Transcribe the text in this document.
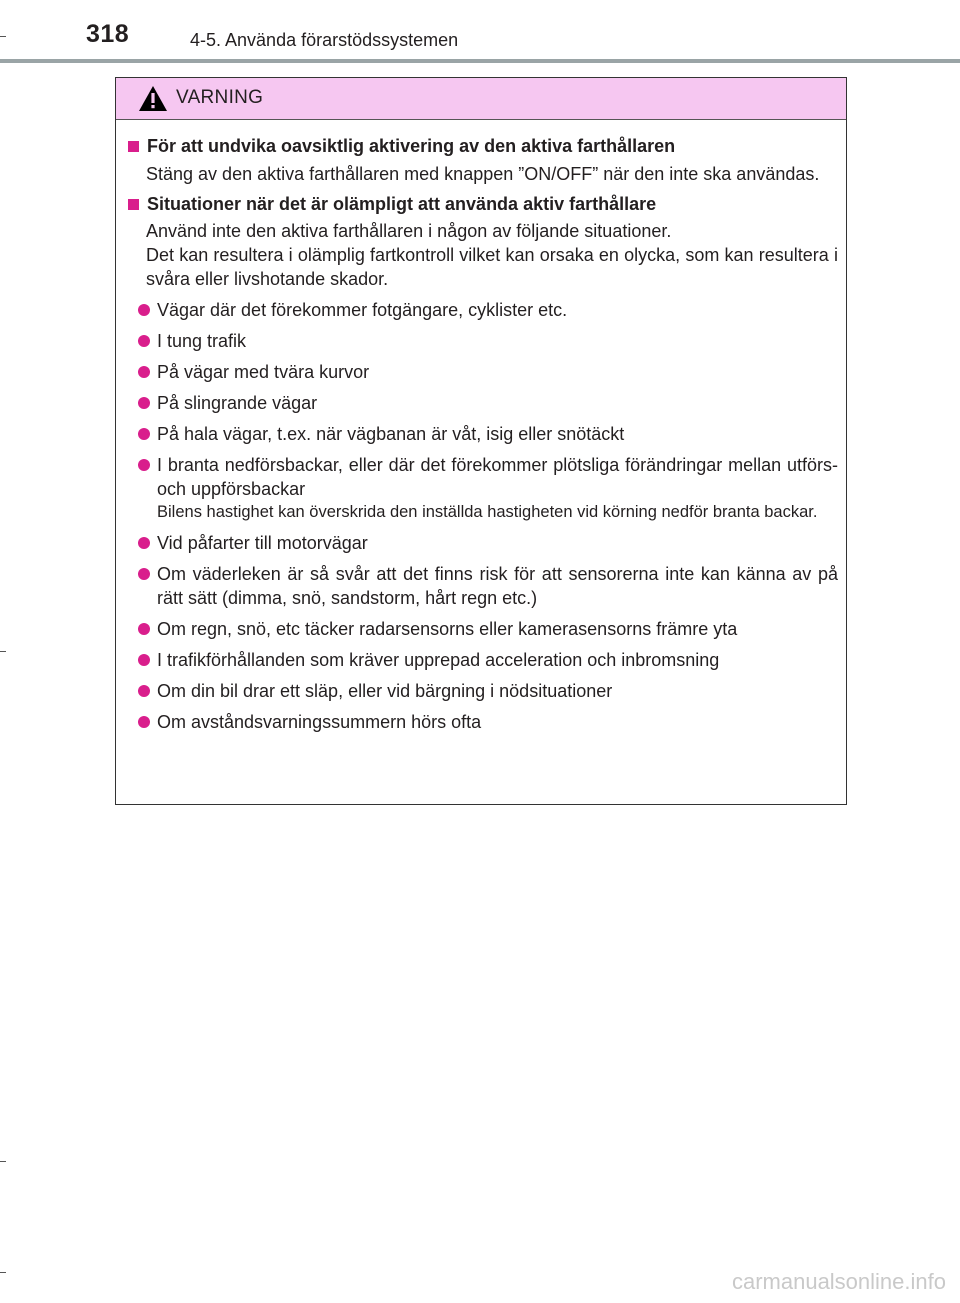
318	4-5. Använda förarstödssystemen
VARNING
För att undvika oavsiktlig aktivering av den aktiva farthållaren
Stäng av den aktiva farthållaren med knappen ”ON/OFF” när den inte ska användas.
Situationer när det är olämpligt att använda aktiv farthållare
Använd inte den aktiva farthållaren i någon av följande situationer.
Det kan resultera i olämplig fartkontroll vilket kan orsaka en olycka, som kan resultera i svåra eller livshotande skador.
Vägar där det förekommer fotgängare, cyklister etc.
I tung trafik
På vägar med tvära kurvor
På slingrande vägar
På hala vägar, t.ex. när vägbanan är våt, isig eller snötäckt
I branta nedförsbackar, eller där det förekommer plötsliga förändringar mellan utförs- och uppförsbackar
Bilens hastighet kan överskrida den inställda hastigheten vid körning nedför branta backar.
Vid påfarter till motorvägar
Om väderleken är så svår att det finns risk för att sensorerna inte kan känna av på rätt sätt (dimma, snö, sandstorm, hårt regn etc.)
Om regn, snö, etc täcker radarsensorns eller kamerasensorns främre yta
I trafikförhållanden som kräver upprepad acceleration och inbromsning
Om din bil drar ett släp, eller vid bärgning i nödsituationer
Om avståndsvarningssummern hörs ofta
carmanualsonline.info
